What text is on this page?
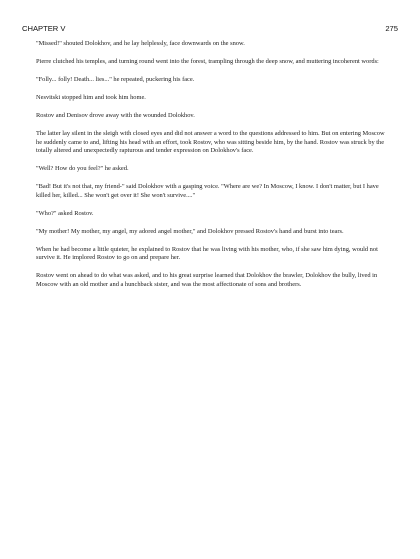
CHAPTER V	275

"Missed!" shouted Dolokhov, and he lay helplessly, face downwards on the snow.

Pierre clutched his temples, and turning round went into the forest, trampling through the deep snow, and muttering incoherent words:

"Folly... folly! Death... lies..." he repeated, puckering his face.

Nesvitski stopped him and took him home.

Rostov and Denisov drove away with the wounded Dolokhov.

The latter lay silent in the sleigh with closed eyes and did not answer a word to the questions addressed to him. But on entering Moscow he suddenly came to and, lifting his head with an effort, took Rostov, who was sitting beside him, by the hand. Rostov was struck by the totally altered and unexpectedly rapturous and tender expression on Dolokhov's face.

"Well? How do you feel?" he asked.

"Bad! But it's not that, my friend-" said Dolokhov with a gasping voice. "Where are we? In Moscow, I know. I don't matter, but I have killed her, killed... She won't get over it! She won't survive...."

"Who?" asked Rostov.

"My mother! My mother, my angel, my adored angel mother," and Dolokhov pressed Rostov's hand and burst into tears.

When he had become a little quieter, he explained to Rostov that he was living with his mother, who, if she saw him dying, would not survive it. He implored Rostov to go on and prepare her.

Rostov went on ahead to do what was asked, and to his great surprise learned that Dolokhov the brawler, Dolokhov the bully, lived in Moscow with an old mother and a hunchback sister, and was the most affectionate of sons and brothers.
